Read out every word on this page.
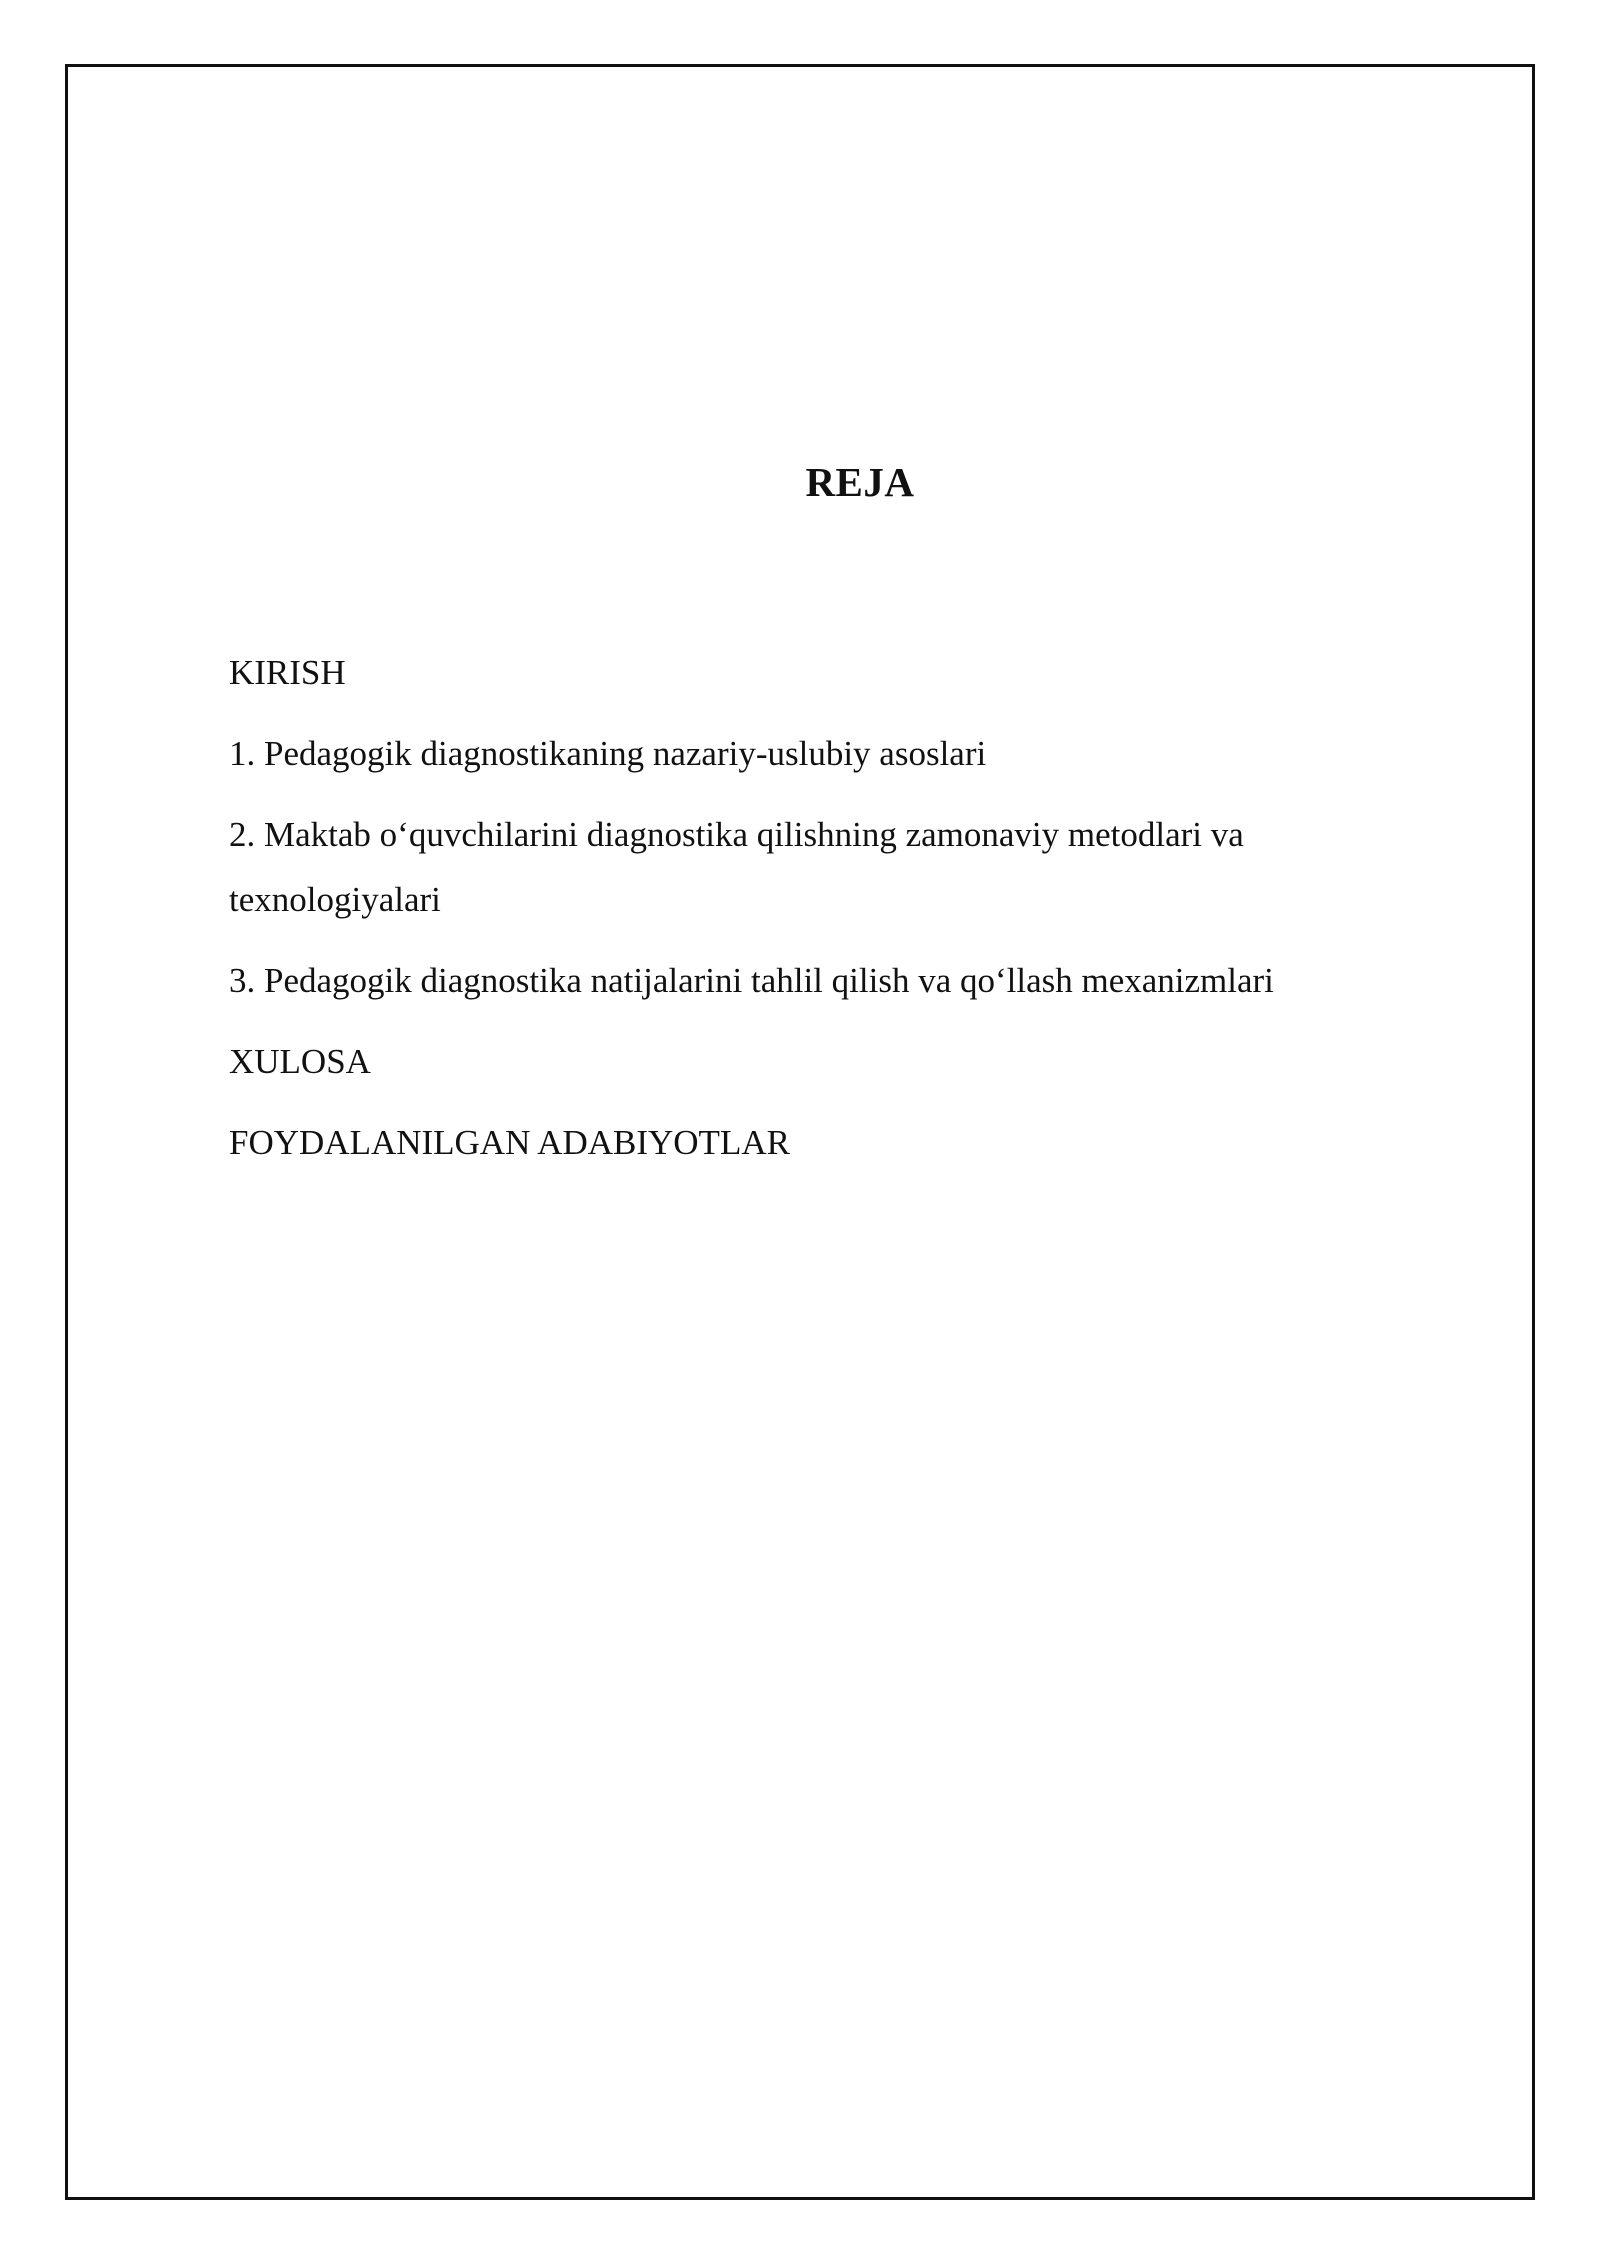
REJA
KIRISH
1. Pedagogik diagnostikaning nazariy-uslubiy asoslari
2. Maktab o‘quvchilarini diagnostika qilishning zamonaviy metodlari va texnologiyalari
3. Pedagogik diagnostika natijalarini tahlil qilish va qo‘llash mexanizmlari
XULOSA
FOYDALANILGAN ADABIYOTLAR
